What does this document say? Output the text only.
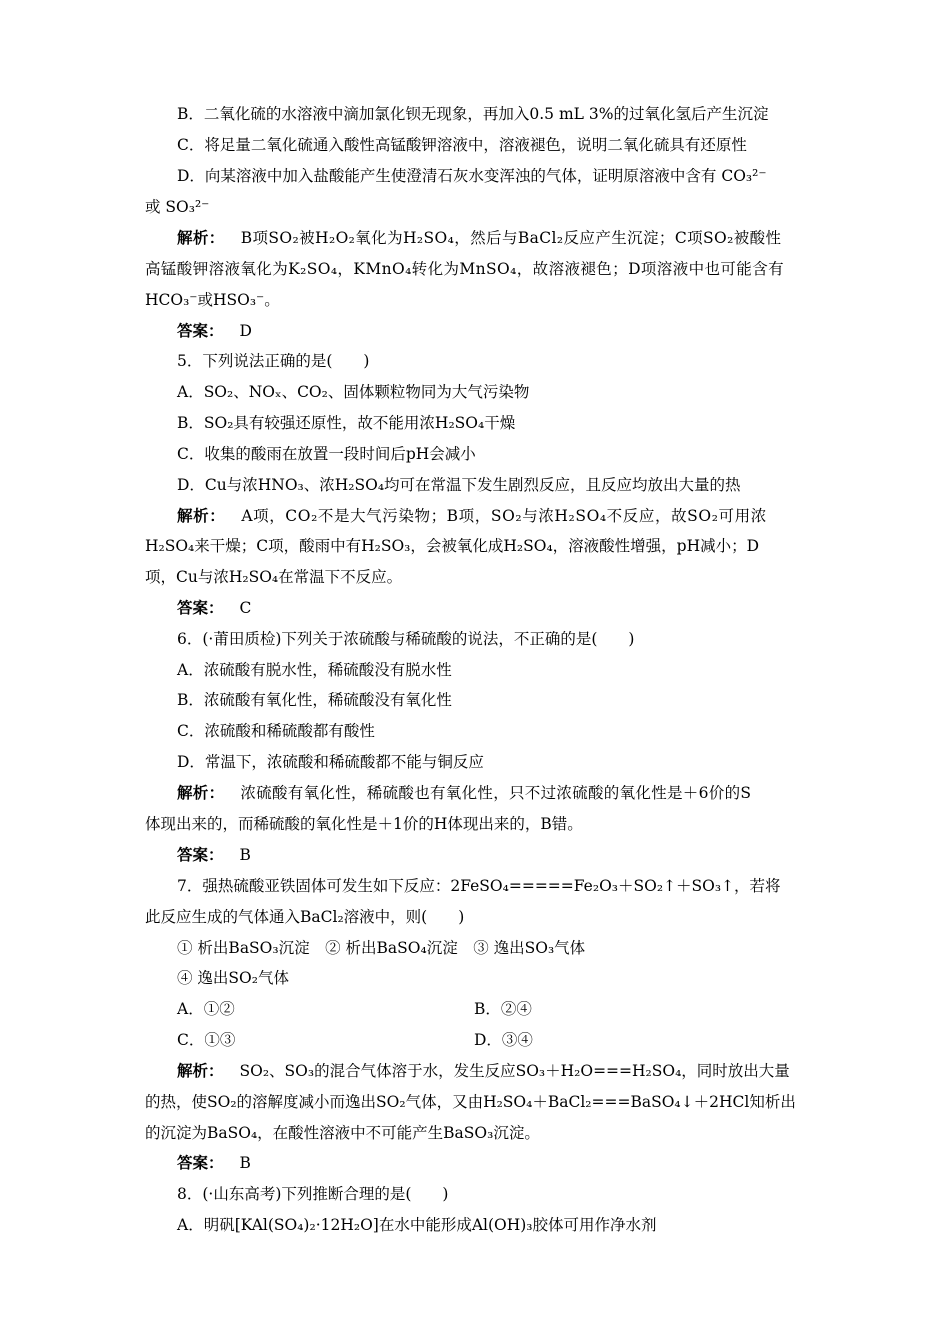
B．二氧化硫的水溶液中滴加氯化钡无现象，再加入0.5 mL 3%的过氧化氢后产生沉淀
C．将足量二氧化硫通入酸性高锰酸钾溶液中，溶液褪色，说明二氧化硫具有还原性
D．向某溶液中加入盐酸能产生使澄清石灰水变浑浊的气体，证明原溶液中含有 CO₃²⁻
或 SO₃²⁻
解析： B项SO₂被H₂O₂氧化为H₂SO₄，然后与BaCl₂反应产生沉淀；C项SO₂被酸性
高锰酸钾溶液氧化为K₂SO₄，KMnO₄转化为MnSO₄，故溶液褪色；D项溶液中也可能含有
HCO₃⁻或HSO₃⁻。
答案： D
5．下列说法正确的是(　　)
A．SO₂、NOₓ、CO₂、固体颗粒物同为大气污染物
B．SO₂具有较强还原性，故不能用浓H₂SO₄干燥
C．收集的酸雨在放置一段时间后pH会减小
D．Cu与浓HNO₃、浓H₂SO₄均可在常温下发生剧烈反应，且反应均放出大量的热
解析： A项，CO₂不是大气污染物；B项，SO₂与浓H₂SO₄不反应，故SO₂可用浓
H₂SO₄来干燥；C项，酸雨中有H₂SO₃，会被氧化成H₂SO₄，溶液酸性增强，pH减小；D
项，Cu与浓H₂SO₄在常温下不反应。
答案： C
6．(·莆田质检)下列关于浓硫酸与稀硫酸的说法，不正确的是(　　)
A．浓硫酸有脱水性，稀硫酸没有脱水性
B．浓硫酸有氧化性，稀硫酸没有氧化性
C．浓硫酸和稀硫酸都有酸性
D．常温下，浓硫酸和稀硫酸都不能与铜反应
解析： 浓硫酸有氧化性，稀硫酸也有氧化性，只不过浓硫酸的氧化性是＋6价的S
体现出来的，而稀硫酸的氧化性是＋1价的H体现出来的，B错。
答案： B
7．强热硫酸亚铁固体可发生如下反应：2FeSO₄=====Fe₂O₃＋SO₂↑＋SO₃↑，若将
此反应生成的气体通入BaCl₂溶液中，则(　　)
① 析出BaSO₃沉淀　② 析出BaSO₄沉淀　③ 逸出SO₃气体
④ 逸出SO₂气体
A．①②	B．②④
C．①③	D．③④
解析： SO₂、SO₃的混合气体溶于水，发生反应SO₃＋H₂O===H₂SO₄，同时放出大量
的热，使SO₂的溶解度减小而逸出SO₂气体，又由H₂SO₄＋BaCl₂===BaSO₄↓＋2HCl知析出
的沉淀为BaSO₄，在酸性溶液中不可能产生BaSO₃沉淀。
答案： B
8．(·山东高考)下列推断合理的是(　　)
A．明矾[KAl(SO₄)₂·12H₂O]在水中能形成Al(OH)₃胶体可用作净水剂
